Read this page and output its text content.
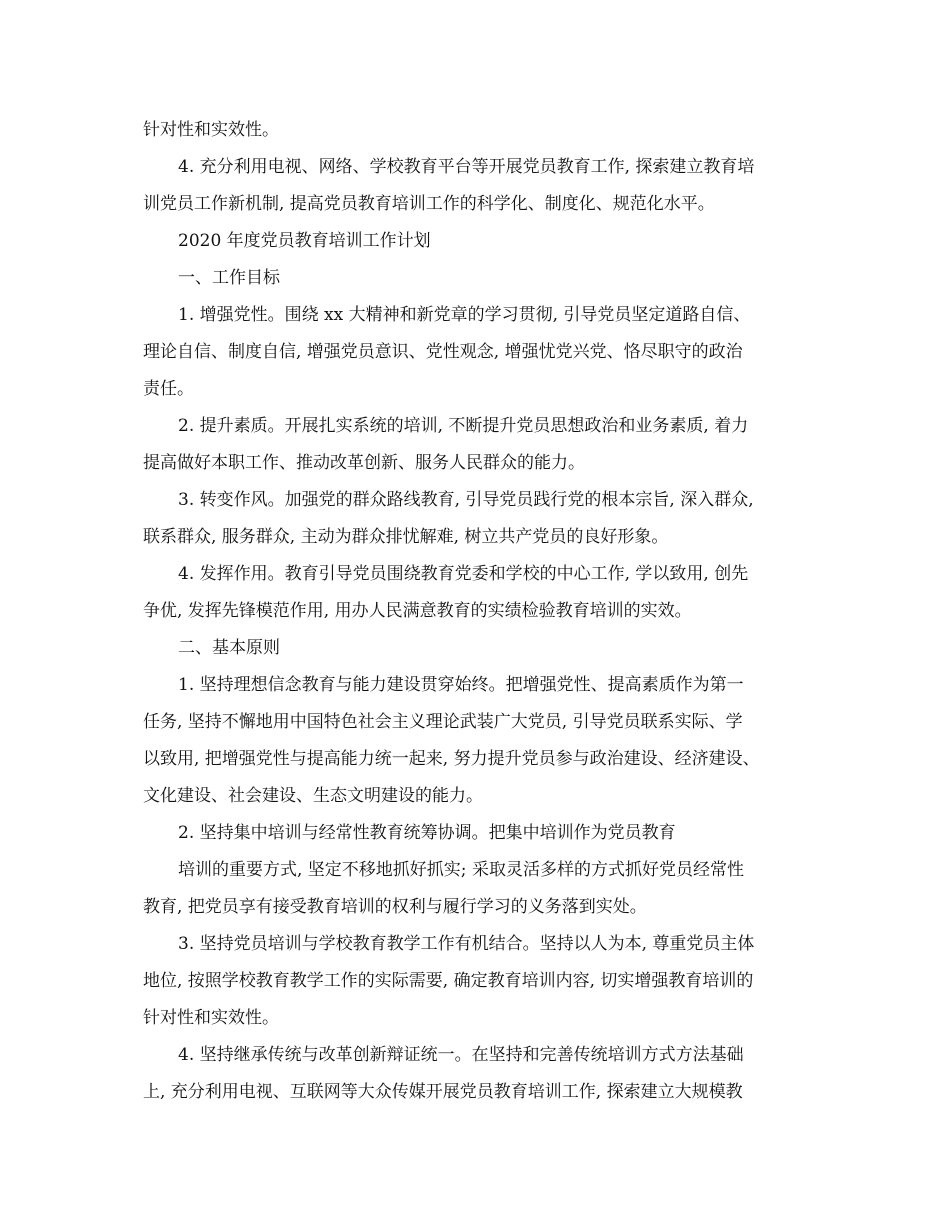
针对性和实效性。
4. 充分利用电视、网络、学校教育平台等开展党员教育工作, 探索建立教育培
训党员工作新机制, 提高党员教育培训工作的科学化、制度化、规范化水平。
2020 年度党员教育培训工作计划
一、工作目标
1. 增强党性。围绕 xx 大精神和新党章的学习贯彻, 引导党员坚定道路自信、
理论自信、制度自信, 增强党员意识、党性观念, 增强忧党兴党、恪尽职守的政治
责任。
2. 提升素质。开展扎实系统的培训, 不断提升党员思想政治和业务素质, 着力
提高做好本职工作、推动改革创新、服务人民群众的能力。
3. 转变作风。加强党的群众路线教育, 引导党员践行党的根本宗旨, 深入群众,
联系群众, 服务群众, 主动为群众排忧解难, 树立共产党员的良好形象。
4. 发挥作用。教育引导党员围绕教育党委和学校的中心工作, 学以致用, 创先
争优, 发挥先锋模范作用, 用办人民满意教育的实绩检验教育培训的实效。
二、基本原则
1. 坚持理想信念教育与能力建设贯穿始终。把增强党性、提高素质作为第一
任务, 坚持不懈地用中国特色社会主义理论武装广大党员, 引导党员联系实际、学
以致用, 把增强党性与提高能力统一起来, 努力提升党员参与政治建设、经济建设、
文化建设、社会建设、生态文明建设的能力。
2. 坚持集中培训与经常性教育统筹协调。把集中培训作为党员教育
培训的重要方式, 坚定不移地抓好抓实; 采取灵活多样的方式抓好党员经常性
教育, 把党员享有接受教育培训的权利与履行学习的义务落到实处。
3. 坚持党员培训与学校教育教学工作有机结合。坚持以人为本, 尊重党员主体
地位, 按照学校教育教学工作的实际需要, 确定教育培训内容, 切实增强教育培训的
针对性和实效性。
4. 坚持继承传统与改革创新辩证统一。在坚持和完善传统培训方式方法基础
上, 充分利用电视、互联网等大众传媒开展党员教育培训工作, 探索建立大规模教
